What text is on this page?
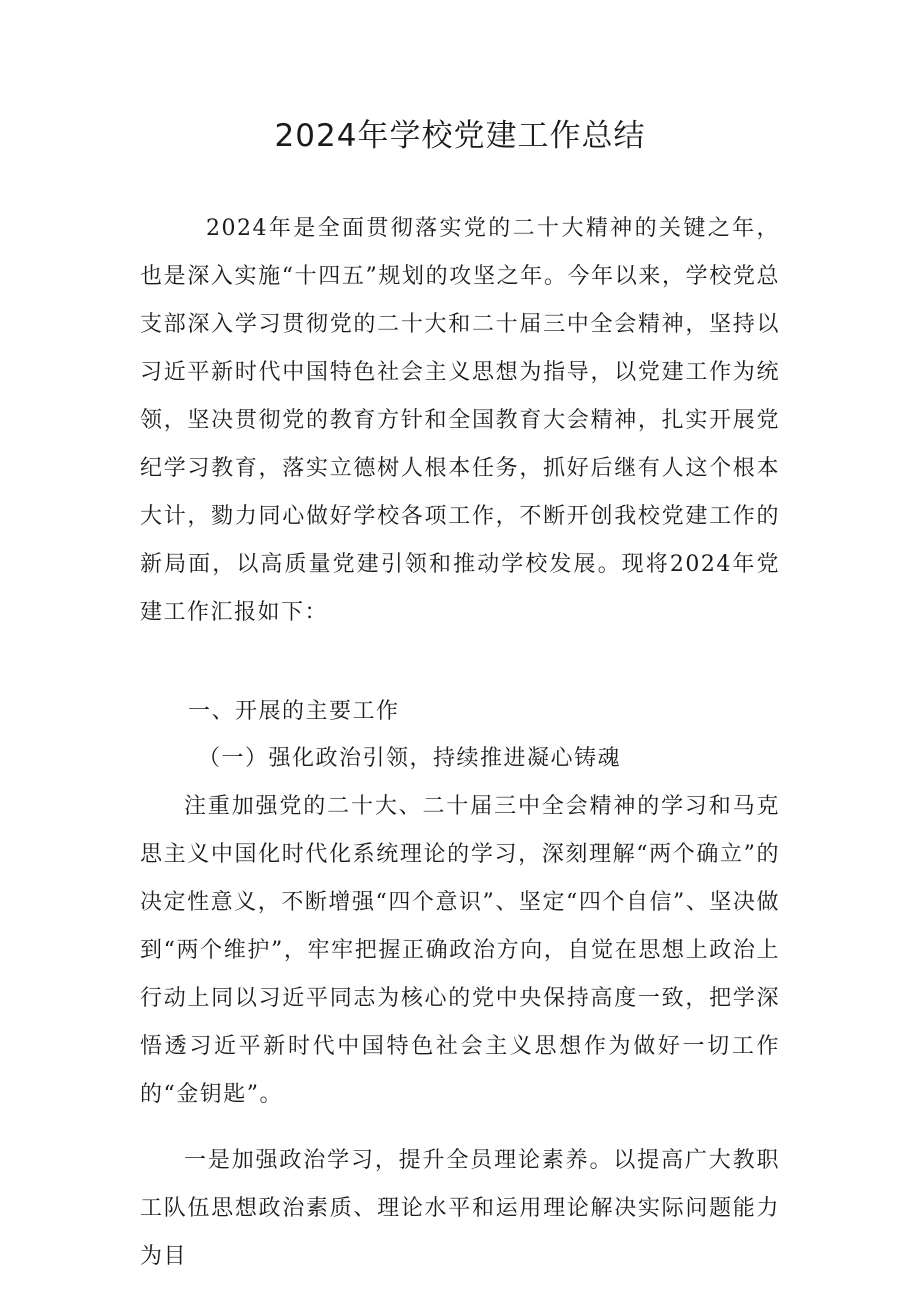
2024年学校党建工作总结

2024年是全面贯彻落实党的二十大精神的关键之年，也是深入实施“十四五”规划的攻坚之年。今年以来，学校党总支部深入学习贯彻党的二十大和二十届三中全会精神，坚持以习近平新时代中国特色社会主义思想为指导，以党建工作为统领，坚决贯彻党的教育方针和全国教育大会精神，扎实开展党纪学习教育，落实立德树人根本任务，抓好后继有人这个根本大计，勠力同心做好学校各项工作，不断开创我校党建工作的新局面，以高质量党建引领和推动学校发展。现将2024年党建工作汇报如下：

一、开展的主要工作
（一）强化政治引领，持续推进凝心铸魂

注重加强党的二十大、二十届三中全会精神的学习和马克思主义中国化时代化系统理论的学习，深刻理解“两个确立”的决定性意义，不断增强“四个意识”、坚定“四个自信”、坚决做到“两个维护”，牢牢把握正确政治方向，自觉在思想上政治上行动上同以习近平同志为核心的党中央保持高度一致，把学深悟透习近平新时代中国特色社会主义思想作为做好一切工作的“金钥匙”。

一是加强政治学习，提升全员理论素养。以提高广大教职工队伍思想政治素质、理论水平和运用理论解决实际问题能力为目
